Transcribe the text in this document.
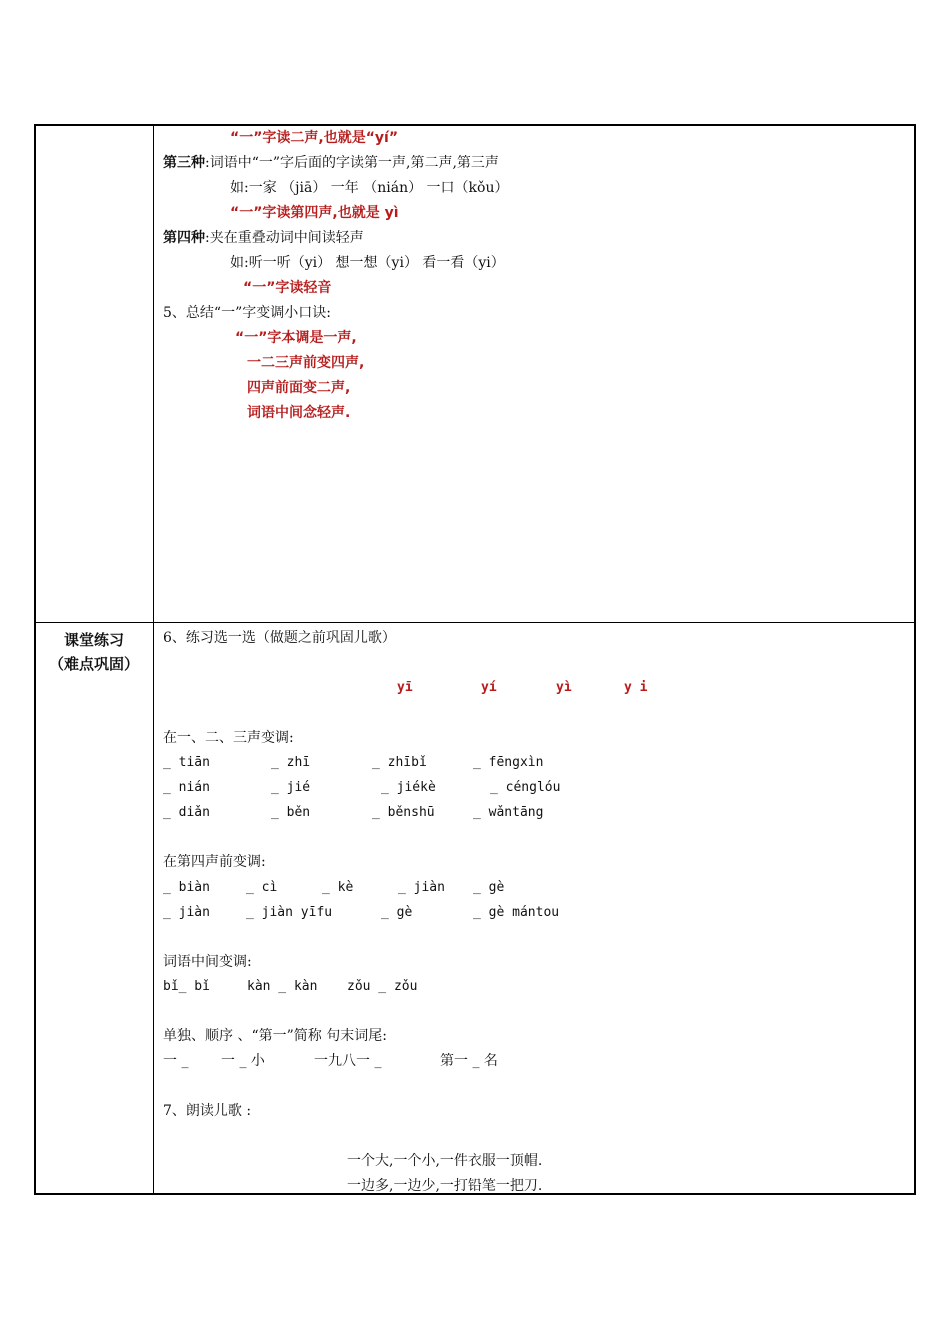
“一”字读二声,也就是“yí”
第三种:词语中“一”字后面的字读第一声,第二声,第三声
如:一家 （jiā） 一年 （nián） 一口（kǒu）
“一”字读第四声,也就是 yì
第四种:夹在重叠动词中间读轻声
如:听一听（yi） 想一想（yi） 看一看（yi）
“一”字读轻音
5、总结“一”字变调小口诀:
“一”字本调是一声,
一二三声前变四声,
四声前面变二声,
词语中间念轻声.
课堂练习
（难点巩固）
6、练习选一选（做题之前巩固儿歌）
yī	yí	yì	y i
在一、二、三声变调:
_ tiān	_ zhī	_ zhībǐ	_ fēngxìn
_ nián	_ jié	_ jiékè	_ cénglóu
_ diǎn	_ běn	_ běnshū	_ wǎntāng
在第四声前变调:
_ biàn	_ cì	_ kè	_ jiàn _ gè
_ jiàn	_ jiàn yīfu	_ gè	_ gè mántou
词语中间变调:
bǐ_ bǐ	kàn _ kàn zǒu _ zǒu
单独、顺序 、“第一”简称 句末词尾:
一 _ 一 _ 小	一九八一 _	第一 _ 名
7、朗读儿歌 :
一个大,一个小,一件衣服一顶帽.
一边多,一边少,一打铅笔一把刀.
